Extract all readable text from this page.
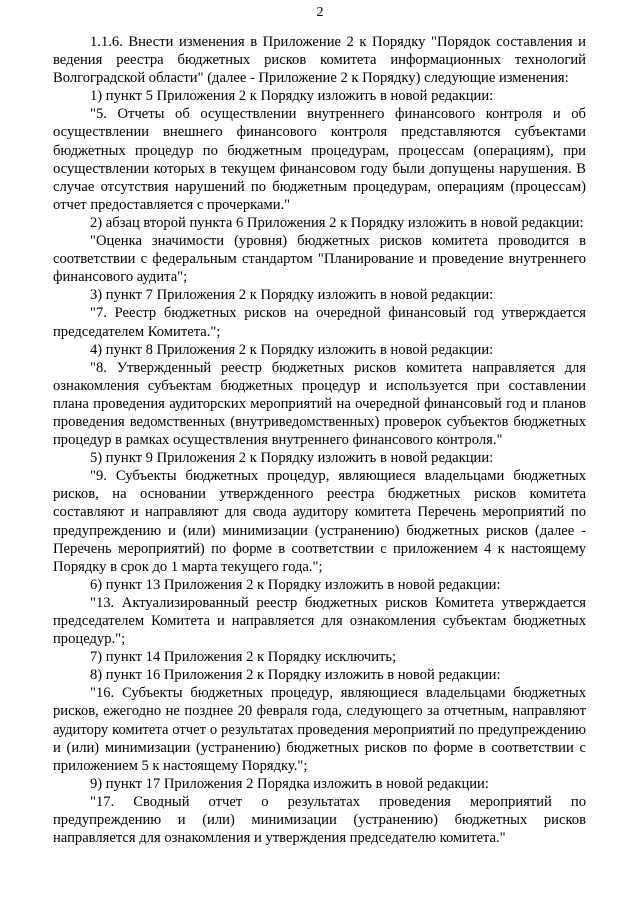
2

1.1.6. Внести изменения в Приложение 2 к Порядку "Порядок составления и ведения реестра бюджетных рисков комитета информационных технологий Волгоградской области" (далее - Приложение 2 к Порядку) следующие изменения:

1) пункт 5 Приложения 2 к Порядку изложить в новой редакции:

"5. Отчеты об осуществлении внутреннего финансового контроля и об осуществлении внешнего финансового контроля представляются субъектами бюджетных процедур по бюджетным процедурам, процессам (операциям), при осуществлении которых в текущем финансовом году были допущены нарушения. В случае отсутствия нарушений по бюджетным процедурам, операциям (процессам) отчет предоставляется с прочерками."

2) абзац второй пункта 6 Приложения 2 к Порядку изложить в новой редакции:

"Оценка значимости (уровня) бюджетных рисков комитета проводится в соответствии с федеральным стандартом "Планирование и проведение внутреннего финансового аудита";

3) пункт 7 Приложения 2 к Порядку изложить в новой редакции:

"7. Реестр бюджетных рисков на очередной финансовый год утверждается председателем Комитета.";

4) пункт 8 Приложения 2 к Порядку изложить в новой редакции:

"8. Утвержденный реестр бюджетных рисков комитета направляется для ознакомления субъектам бюджетных процедур и используется при составлении плана проведения аудиторских мероприятий на очередной финансовый год и планов проведения ведомственных (внутриведомственных) проверок субъектов бюджетных процедур в рамках осуществления внутреннего финансового контроля."

5) пункт 9 Приложения 2 к Порядку изложить в новой редакции:

"9. Субъекты бюджетных процедур, являющиеся владельцами бюджетных рисков, на основании утвержденного реестра бюджетных рисков комитета составляют и направляют для свода аудитору комитета Перечень мероприятий по предупреждению и (или) минимизации (устранению) бюджетных рисков (далее - Перечень мероприятий) по форме в соответствии с приложением 4 к настоящему Порядку в срок до 1 марта текущего года.";

6) пункт 13 Приложения 2 к Порядку изложить в новой редакции:

"13. Актуализированный реестр бюджетных рисков Комитета утверждается председателем Комитета и направляется для ознакомления субъектам бюджетных процедур.";

7) пункт 14 Приложения 2 к Порядку исключить;

8) пункт 16 Приложения 2 к Порядку изложить в новой редакции:

"16. Субъекты бюджетных процедур, являющиеся владельцами бюджетных рисков, ежегодно не позднее 20 февраля года, следующего за отчетным, направляют аудитору комитета отчет о результатах проведения мероприятий по предупреждению и (или) минимизации (устранению) бюджетных рисков по форме в соответствии с приложением 5 к настоящему Порядку.";

9) пункт 17 Приложения 2 Порядка изложить в новой редакции:

"17. Сводный отчет о результатах проведения мероприятий по предупреждению и (или) минимизации (устранению) бюджетных рисков направляется для ознакомления и утверждения председателю комитета."
